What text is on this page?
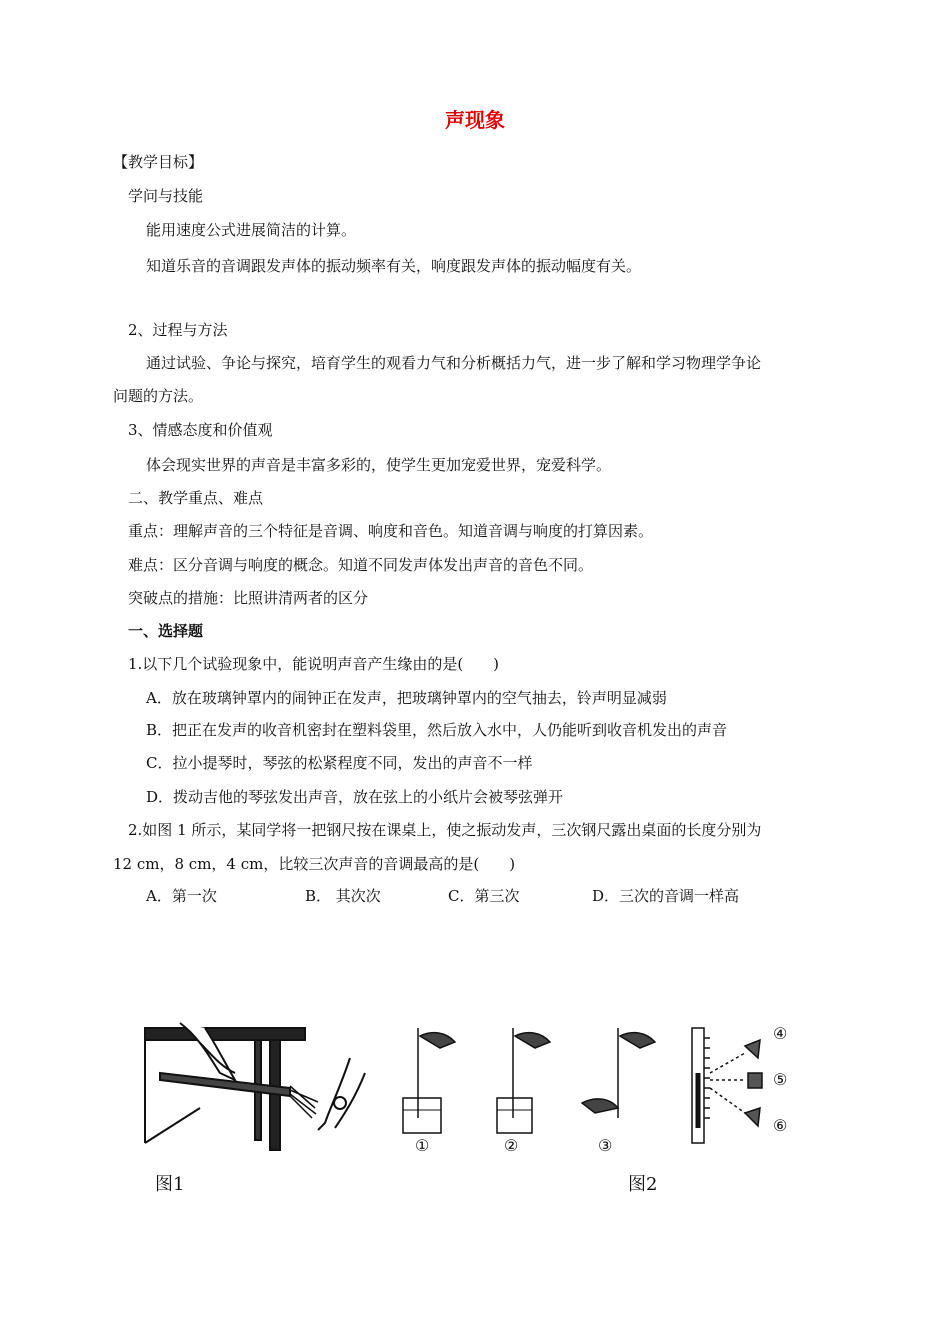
声现象
【教学目标】
学问与技能
能用速度公式进展简洁的计算。
知道乐音的音调跟发声体的振动频率有关，响度跟发声体的振动幅度有关。
2、过程与方法
通过试验、争论与探究，培育学生的观看力气和分析概括力气，进一步了解和学习物理学争论
问题的方法。
3、情感态度和价值观
体会现实世界的声音是丰富多彩的，使学生更加宠爱世界，宠爱科学。
二、教学重点、难点
重点：理解声音的三个特征是音调、响度和音色。知道音调与响度的打算因素。
难点：区分音调与响度的概念。知道不同发声体发出声音的音色不同。
突破点的措施：比照讲清两者的区分
一、选择题
1.以下几个试验现象中，能说明声音产生缘由的是(　　)
A．放在玻璃钟罩内的闹钟正在发声，把玻璃钟罩内的空气抽去，铃声明显减弱
B．把正在发声的收音机密封在塑料袋里，然后放入水中，人仍能听到收音机发出的声音
C．拉小提琴时，琴弦的松紧程度不同，发出的声音不一样
D．拨动吉他的琴弦发出声音，放在弦上的小纸片会被琴弦弹开
2.如图 1 所示，某同学将一把钢尺按在课桌上，使之振动发声，三次钢尺露出桌面的长度分别为
12 cm，8 cm，4 cm，比较三次声音的音调最高的是(　　)
A．第一次	B． 其次次	C．第三次	D．三次的音调一样高
①	②	③
④
⑤
⑥
图1	图2
